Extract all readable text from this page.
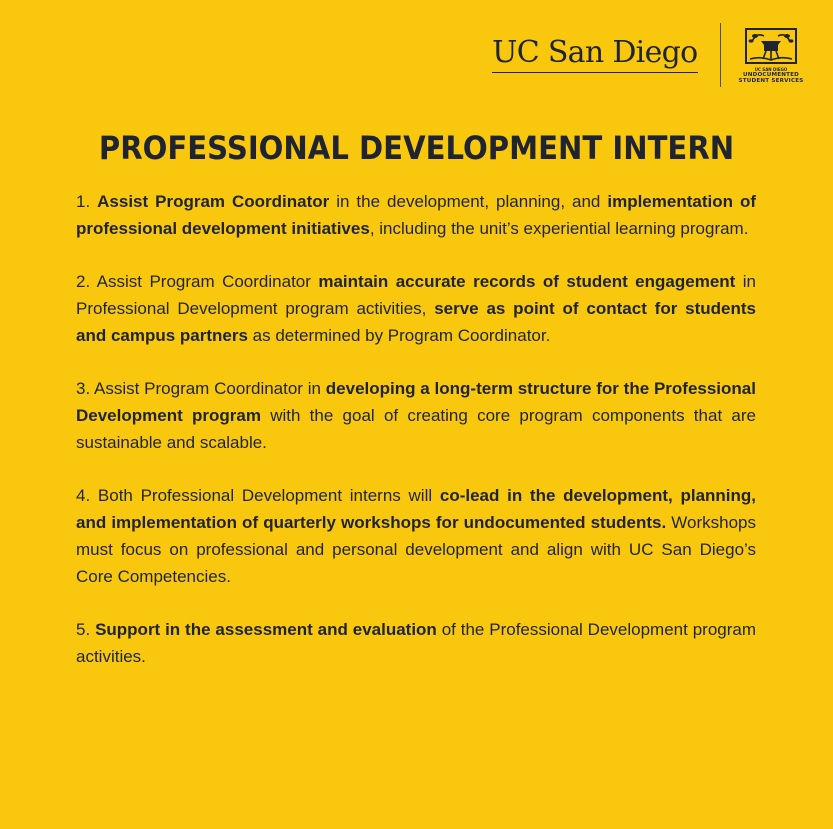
UC San Diego	UC SAN DIEGO
UNDOCUMENTED
STUDENT SERVICES
PROFESSIONAL DEVELOPMENT INTERN

1. Assist Program Coordinator in the development, planning, and implementation of professional development initiatives, including the unit’s experiential learning program.

2. Assist Program Coordinator maintain accurate records of student engagement in Professional Development program activities, serve as point of contact for students and campus partners as determined by Program Coordinator.

3. Assist Program Coordinator in developing a long-term structure for the Professional Development program with the goal of creating core program components that are sustainable and scalable.

4. Both Professional Development interns will co-lead in the development, planning, and implementation of quarterly workshops for undocumented students. Workshops must focus on professional and personal development and align with UC San Diego’s Core Competencies.

5. Support in the assessment and evaluation of the Professional Development program activities.
